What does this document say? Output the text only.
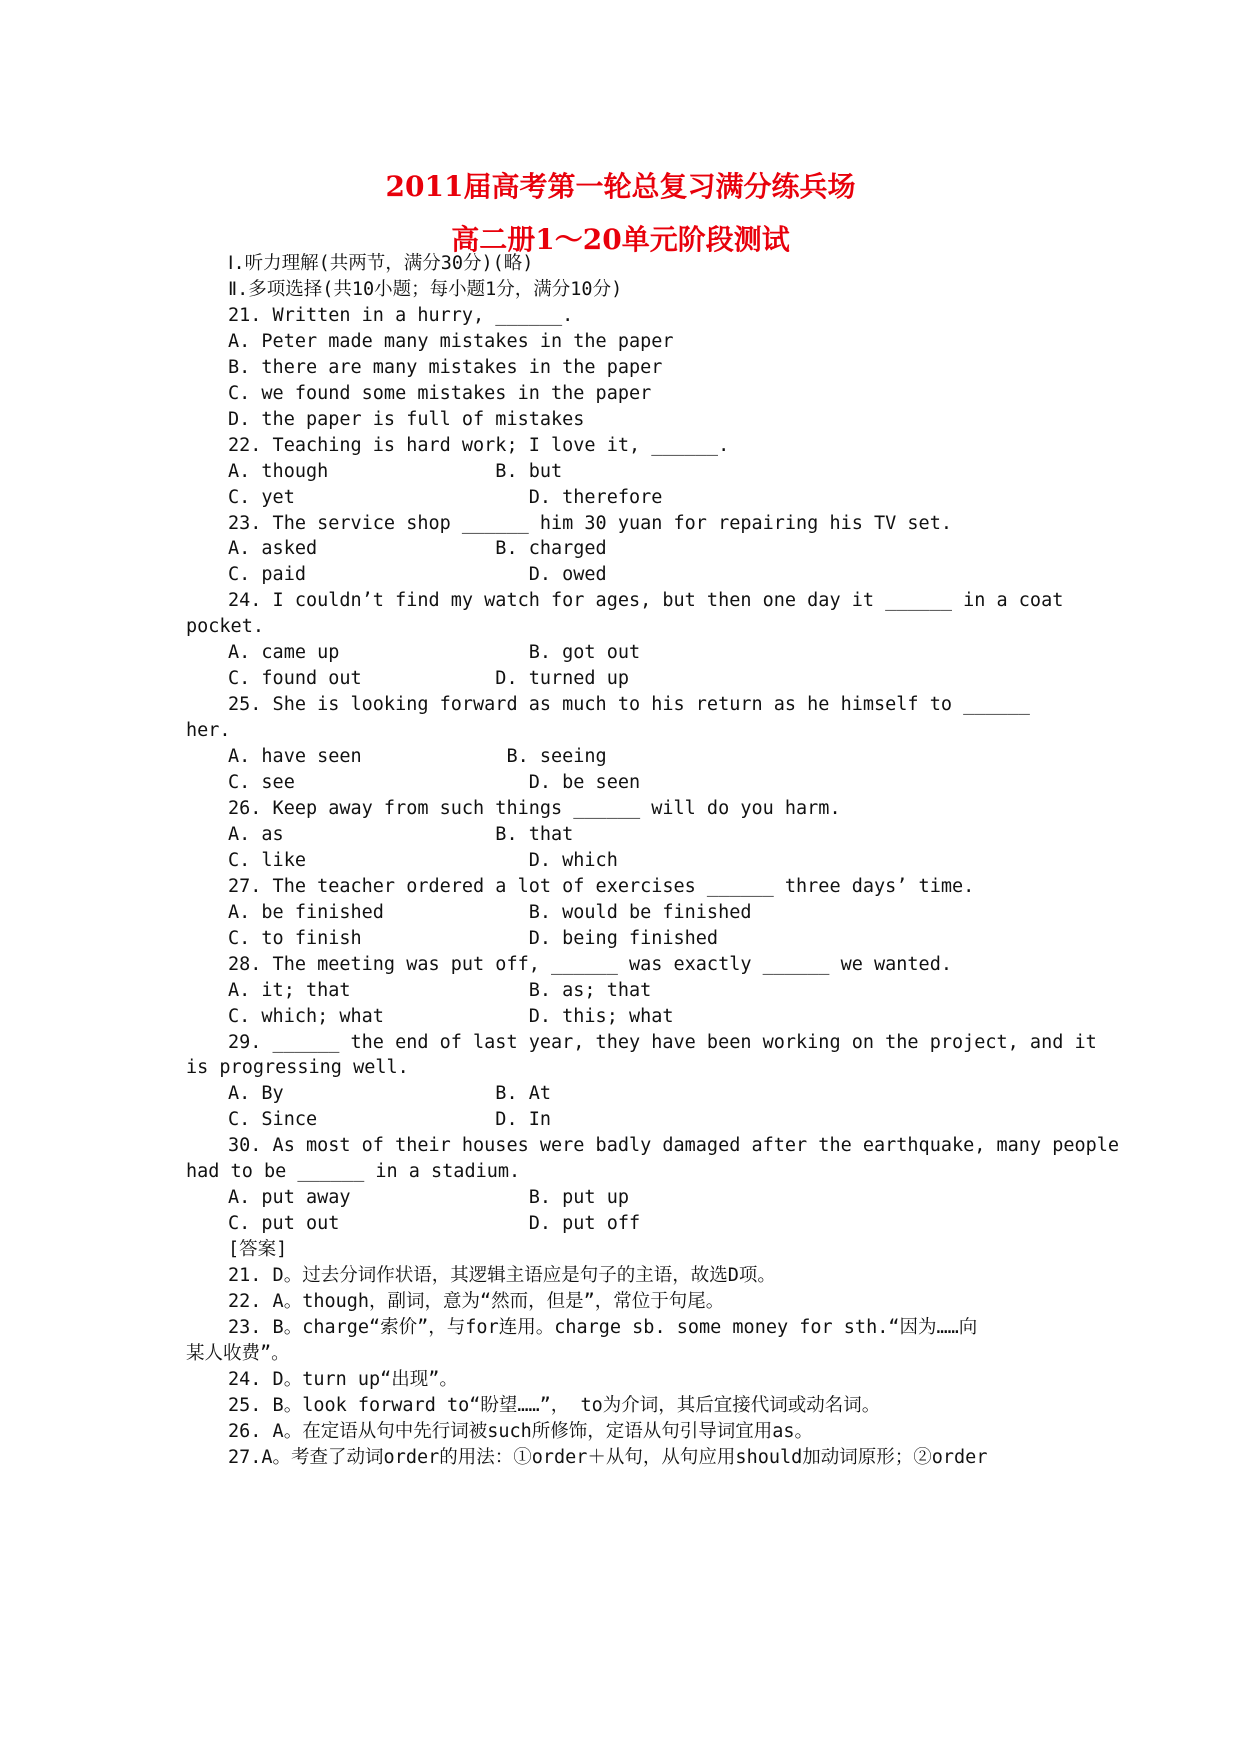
2011届高考第一轮总复习满分练兵场
高二册1～20单元阶段测试
Ⅰ.听力理解(共两节，满分30分)(略)
Ⅱ.多项选择(共10小题；每小题1分，满分10分)
21. Written in a hurry, ______.
A. Peter made many mistakes in the paper
B. there are many mistakes in the paper
C. we found some mistakes in the paper
D. the paper is full of mistakes
22. Teaching is hard work; I love it, ______.
A. though               B. but
C. yet                     D. therefore
23. The service shop ______ him 30 yuan for repairing his TV set.
A. asked                B. charged
C. paid                    D. owed
24. I couldn’t find my watch for ages, but then one day it ______ in a coat
pocket.
A. came up                 B. got out
C. found out            D. turned up
25. She is looking forward as much to his return as he himself to ______
her.
A. have seen             B. seeing
C. see                     D. be seen
26. Keep away from such things ______ will do you harm.
A. as                   B. that
C. like                    D. which
27. The teacher ordered a lot of exercises ______ three days’ time.
A. be finished             B. would be finished
C. to finish               D. being finished
28. The meeting was put off, ______ was exactly ______ we wanted.
A. it; that                B. as; that
C. which; what             D. this; what
29. ______ the end of last year, they have been working on the project, and it
is progressing well.
A. By                   B. At
C. Since                D. In
30. As most of their houses were badly damaged after the earthquake, many people
had to be ______ in a stadium.
A. put away                B. put up
C. put out                 D. put off
[答案]
21. D。过去分词作状语，其逻辑主语应是句子的主语，故选D项。
22. A。though，副词，意为“然而，但是”，常位于句尾。
23. B。charge“索价”，与for连用。charge sb. some money for sth.“因为……向
某人收费”。
24. D。turn up“出现”。
25. B。look forward to“盼望……”， to为介词，其后宜接代词或动名词。
26. A。在定语从句中先行词被such所修饰，定语从句引导词宜用as。
27.A。考查了动词order的用法：①order＋从句，从句应用should加动词原形；②order
